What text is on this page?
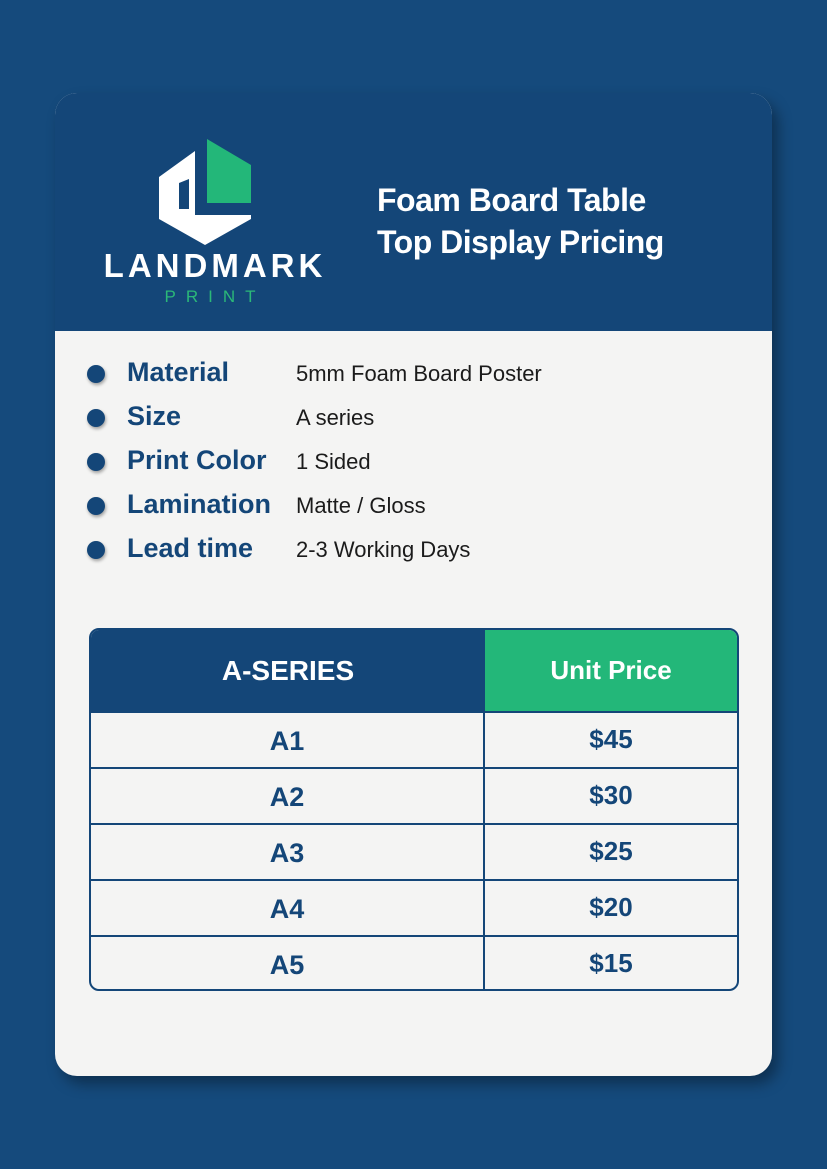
LANDMARK
PRINT
Foam Board Table
Top Display Pricing
Material	5mm Foam Board Poster
Size	A series
Print Color 1 Sided
Lamination Matte / Gloss
Lead time 2-3 Working Days
A-SERIES	Unit Price
A1	$45
A2	$30
A3	$25
A4	$20
A5	$15
